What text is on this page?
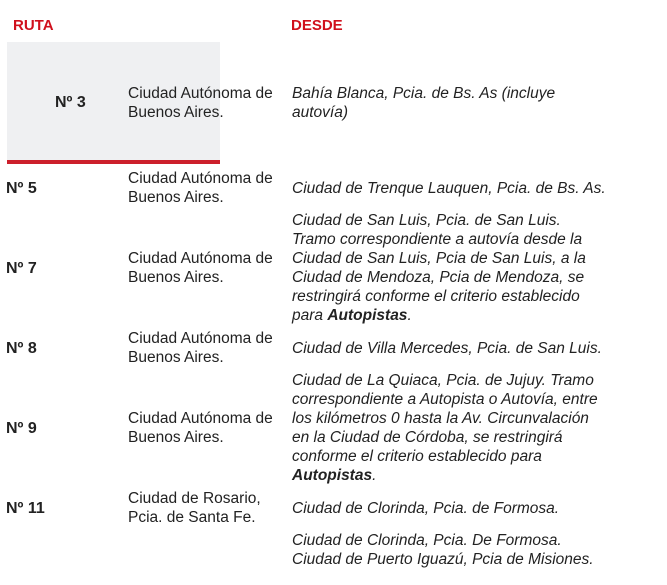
RUTA	DESDE
Nº 3
Ciudad Autónoma de Buenos Aires.
Bahía Blanca, Pcia. de Bs. As (incluye autovía)
Nº 5
Ciudad Autónoma de Buenos Aires.
Ciudad de Trenque Lauquen, Pcia. de Bs. As.
Nº 7
Ciudad Autónoma de Buenos Aires.
Ciudad de San Luis, Pcia. de San Luis. Tramo correspondiente a autovía desde la Ciudad de San Luis, Pcia de San Luis, a la Ciudad de Mendoza, Pcia de Mendoza, se restringirá conforme el criterio establecido para Autopistas.
Nº 8
Ciudad Autónoma de Buenos Aires.
Ciudad de Villa Mercedes, Pcia. de San Luis.
Nº 9
Ciudad Autónoma de Buenos Aires.
Ciudad de La Quiaca, Pcia. de Jujuy. Tramo correspondiente a Autopista o Autovía, entre los kilómetros 0 hasta la Av. Circunvalación en la Ciudad de Córdoba, se restringirá conforme el criterio establecido para Autopistas.
Nº 11
Ciudad de Rosario, Pcia. de Santa Fe.
Ciudad de Clorinda, Pcia. de Formosa.
Ciudad de Clorinda, Pcia. De Formosa. Ciudad de Puerto Iguazú, Pcia de Misiones.
